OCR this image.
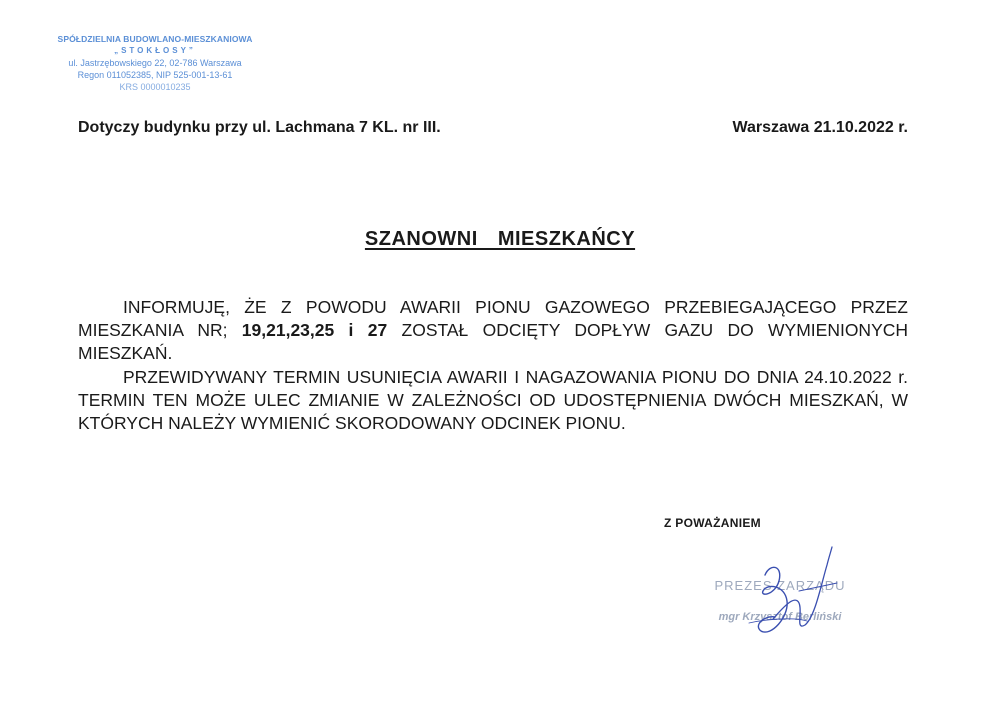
SPÓŁDZIELNIA BUDOWLANO-MIESZKANIOWA
„STOKŁOSY”
ul. Jastrzębowskiego 22, 02-786 Warszawa
Regon 011052385, NIP 525-001-13-61
KRS 0000010235
Dotyczy budynku przy ul. Lachmana 7 KL. nr III.	Warszawa 21.10.2022 r.
SZANOWNI MIESZKAŃCY

INFORMUJĘ, ŻE Z POWODU AWARII PIONU GAZOWEGO PRZEBIEGAJĄCEGO PRZEZ MIESZKANIA NR; 19,21,23,25 i 27 ZOSTAŁ ODCIĘTY DOPŁYW GAZU DO WYMIENIONYCH MIESZKAŃ.

PRZEWIDYWANY TERMIN USUNIĘCIA AWARII I NAGAZOWANIA PIONU DO DNIA 24.10.2022 r. TERMIN TEN MOŻE ULEC ZMIANIE W ZALEŻNOŚCI OD UDOSTĘPNIENIA DWÓCH MIESZKAŃ, W KTÓRYCH NALEŻY WYMIENIĆ SKORODOWANY ODCINEK PIONU.

Z POWAŻANIEM
PREZES ZARZĄDU
mgr Krzysztof Berliński
